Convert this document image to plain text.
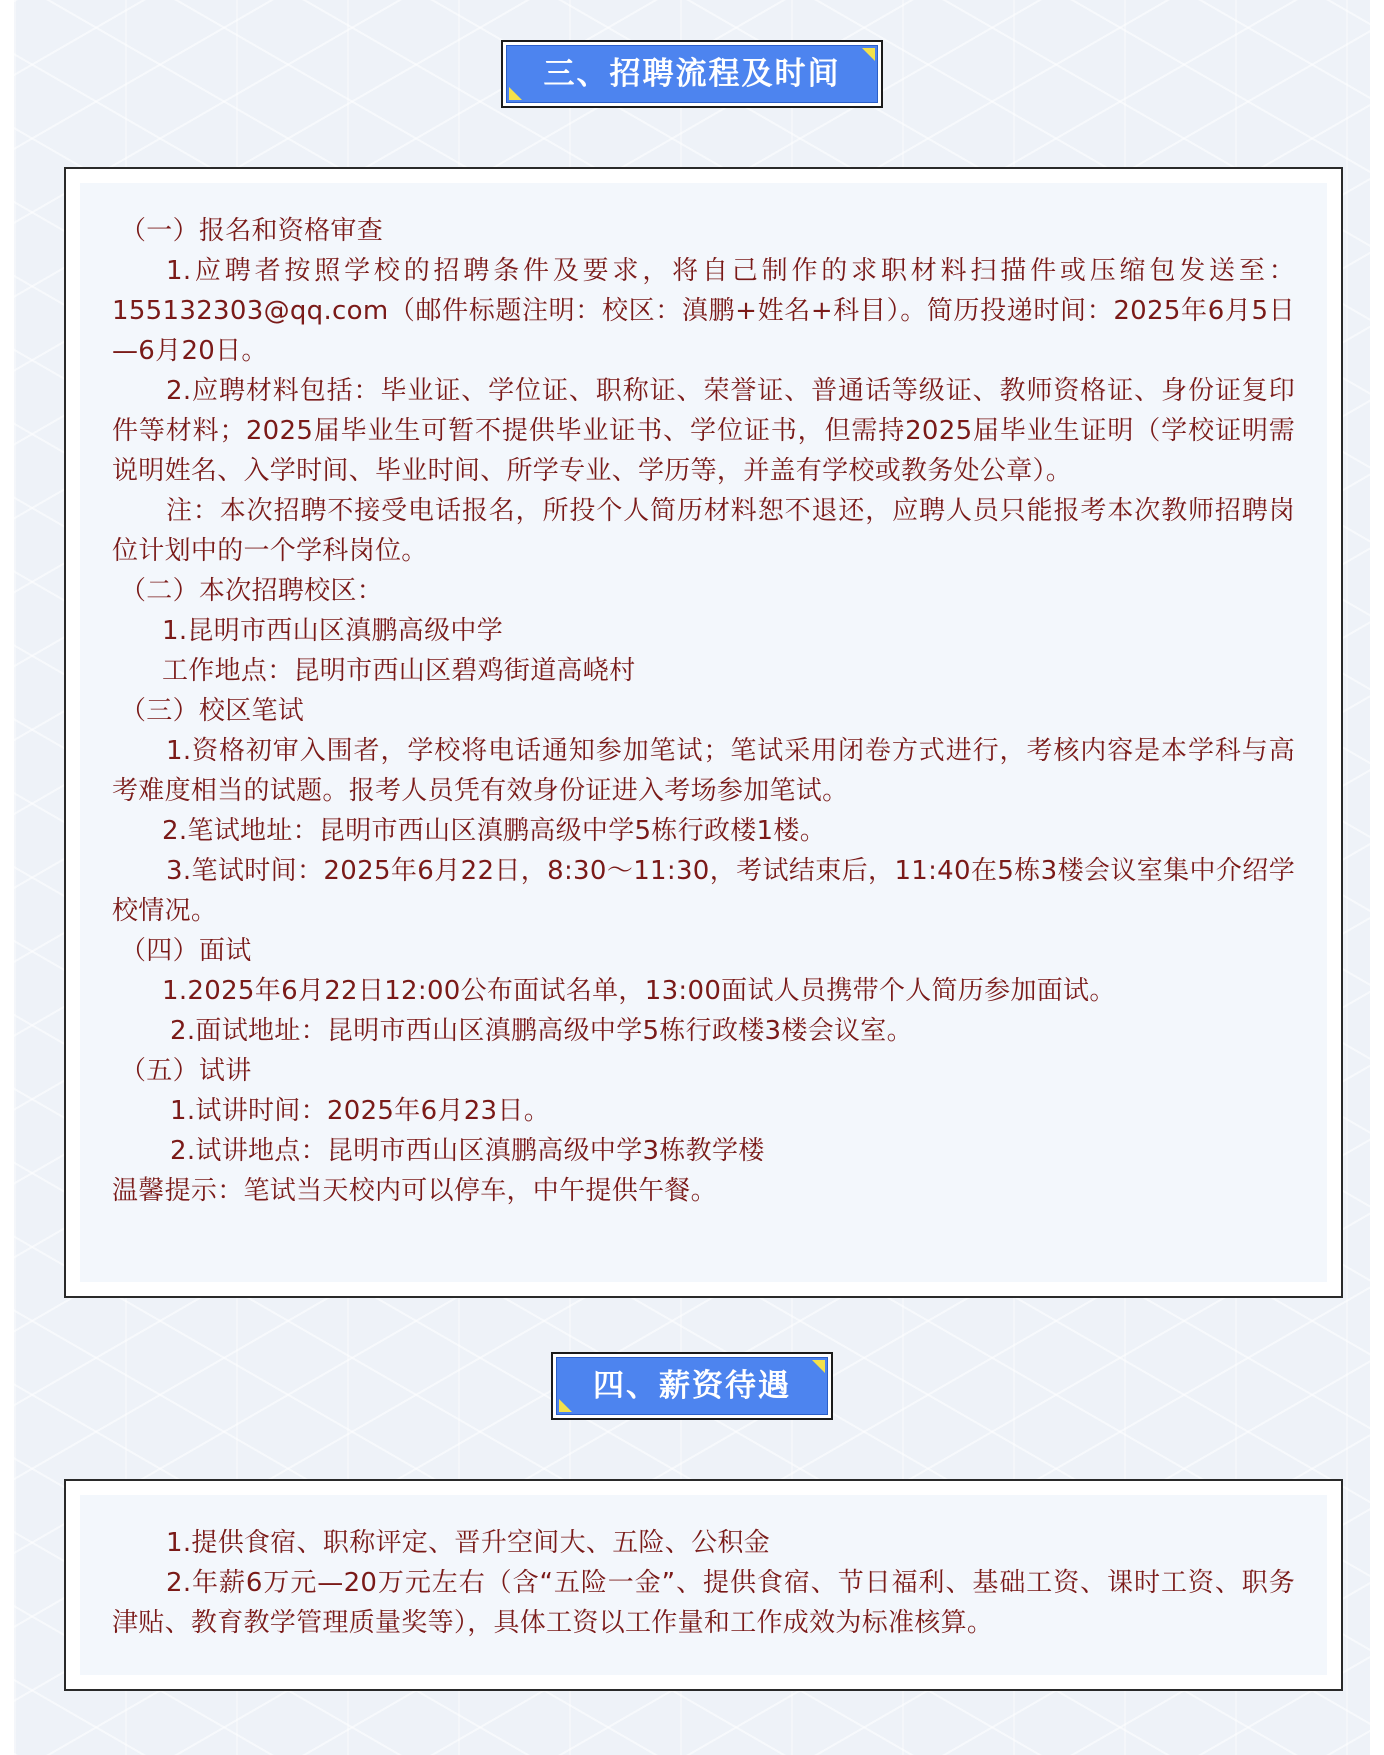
三、招聘流程及时间

（一）报名和资格审查

1.应聘者按照学校的招聘条件及要求，将自己制作的求职材料扫描件或压缩包发送至：155132303@qq.com（邮件标题注明：校区：滇鹏+姓名+科目）。简历投递时间：2025年6月5日—6月20日。

2.应聘材料包括：毕业证、学位证、职称证、荣誉证、普通话等级证、教师资格证、身份证复印件等材料；2025届毕业生可暂不提供毕业证书、学位证书，但需持2025届毕业生证明（学校证明需说明姓名、入学时间、毕业时间、所学专业、学历等，并盖有学校或教务处公章）。

注：本次招聘不接受电话报名，所投个人简历材料恕不退还，应聘人员只能报考本次教师招聘岗位计划中的一个学科岗位。

（二）本次招聘校区：

1.昆明市西山区滇鹏高级中学

工作地点：昆明市西山区碧鸡街道高峣村

（三）校区笔试

1.资格初审入围者，学校将电话通知参加笔试；笔试采用闭卷方式进行，考核内容是本学科与高考难度相当的试题。报考人员凭有效身份证进入考场参加笔试。

2.笔试地址：昆明市西山区滇鹏高级中学5栋行政楼1楼。

3.笔试时间：2025年6月22日，8:30～11:30，考试结束后，11:40在5栋3楼会议室集中介绍学校情况。

（四）面试

1.2025年6月22日12:00公布面试名单，13:00面试人员携带个人简历参加面试。

2.面试地址：昆明市西山区滇鹏高级中学5栋行政楼3楼会议室。

（五）试讲

1.试讲时间：2025年6月23日。

2.试讲地点：昆明市西山区滇鹏高级中学3栋教学楼

温馨提示：笔试当天校内可以停车，中午提供午餐。

四、薪资待遇

1.提供食宿、职称评定、晋升空间大、五险、公积金

2.年薪6万元—20万元左右（含“五险一金”、提供食宿、节日福利、基础工资、课时工资、职务津贴、教育教学管理质量奖等），具体工资以工作量和工作成效为标准核算。
